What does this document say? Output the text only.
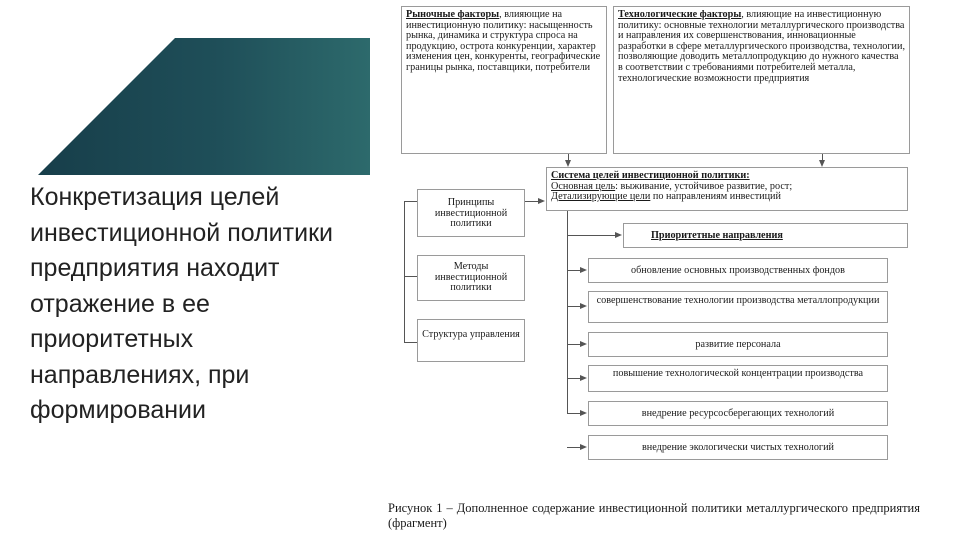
Конкретизация целей инвестиционной политики предприятия находит отражение в ее приоритетных направлениях, при формировании

Рыночные факторы, влияющие на инвестиционную политику: насыщенность рынка, динамика и структура спроса на продукцию, острота конкуренции, характер изменения цен, конкуренты, географические границы рынка, поставщики, потребители
Технологические факторы, влияющие на инвестиционную политику: основные технологии металлургического производства и направления их совершенствования, инновационные разработки в сфере металлургического производства, технологии, позволяющие доводить металлопродукцию до нужного качества в соответствии с требованиями потребителей металла, технологические возможности предприятия
Система целей инвестиционной политики:
Основная цель: выживание, устойчивое развитие, рост;
Детализирующие цели по направлениям инвестиций
Принципы инвестиционной политики
Методы инвестиционной политики
Структура управления
Приоритетные направления
обновление основных производственных фондов
совершенствование технологии производства металлопродукции
развитие персонала
повышение технологической концентрации производства
внедрение ресурсосберегающих технологий
внедрение экологически чистых технологий

Рисунок 1 – Дополненное содержание инвестиционной политики металлургического предприятия (фрагмент)
